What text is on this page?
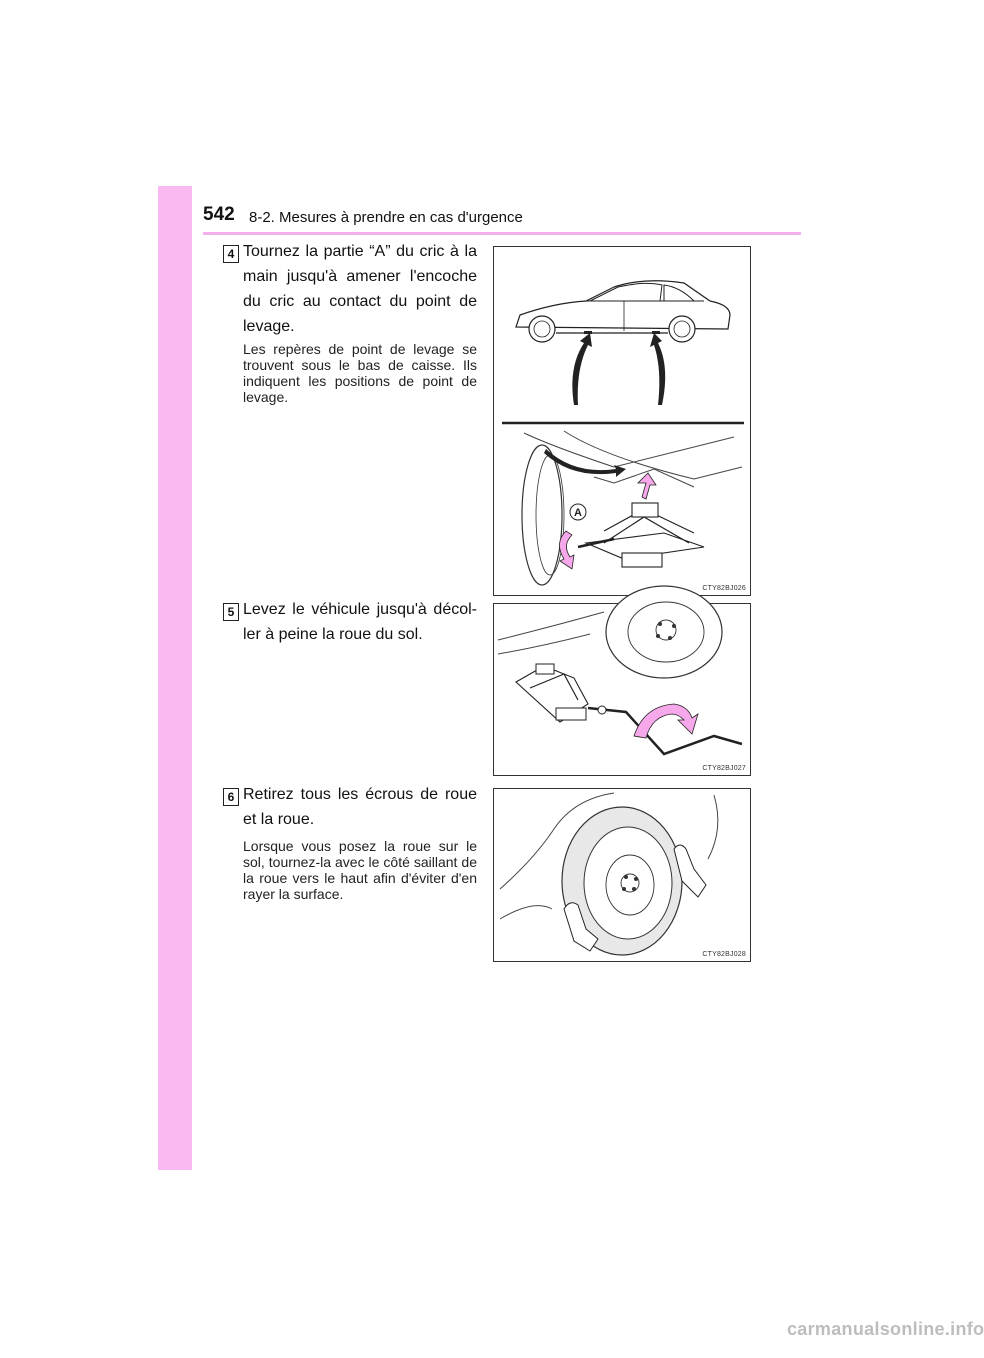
542 8-2. Mesures à prendre en cas d'urgence
4 Tournez la partie “A” du cric à la main jusqu'à amener l'encoche du cric au contact du point de levage.
Les repères de point de levage se trouvent sous le bas de caisse. Ils indiquent les positions de point de levage.
A
CTY82BJ026
5 Levez le véhicule jusqu'à décol-ler à peine la roue du sol.
CTY82BJ027
6 Retirez tous les écrous de roue et la roue.
Lorsque vous posez la roue sur le sol, tournez-la avec le côté saillant de la roue vers le haut afin d'éviter d'en rayer la surface.
CTY82BJ028
carmanualsonline.info
